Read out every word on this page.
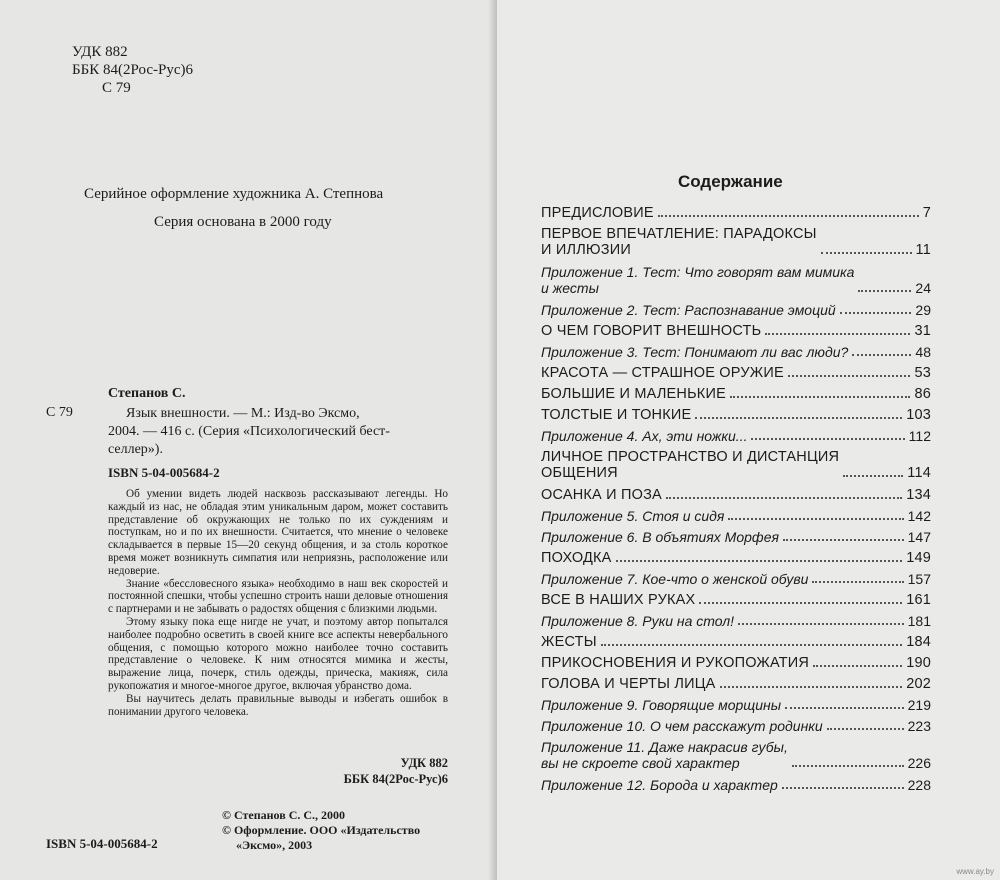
УДК 882
ББК 84(2Рос-Рус)6
С 79
Серийное оформление художника А. Степнова
Серия основана в 2000 году
Степанов С.
С 79	Язык внешности. — М.: Изд-во Эксмо,
2004. — 416 с. (Серия «Психологический бест-
селлер»).
ISBN 5-04-005684-2

Об умении видеть людей насквозь рассказывают легенды. Но каждый из нас, не обладая этим уникальным даром, может составить представление об окружающих не только по их суждениям и поступкам, но и по их внешности. Считается, что мнение о человеке складывается в первые 15—20 секунд общения, и за столь короткое время может возникнуть симпатия или неприязнь, расположение или недоверие.

Знание «бессловесного языка» необходимо в наш век скоростей и постоянной спешки, чтобы успешно строить наши деловые отношения с партнерами и не забывать о радостях общения с близкими людьми.

Этому языку пока еще нигде не учат, и поэтому автор попытался наиболее подробно осветить в своей книге все аспекты невербального общения, с помощью которого можно наиболее точно составить представление о человеке. К ним относятся мимика и жесты, выражение лица, почерк, стиль одежды, прическа, макияж, сила рукопожатия и многое-многое другое, включая убранство дома.

Вы научитесь делать правильные выводы и избегать ошибок в понимании другого человека.

УДК 882
ББК 84(2Рос-Рус)6
© Степанов С. С., 2000
© Оформление. ООО «Издательство
«Эксмо», 2003
ISBN 5-04-005684-2
Содержание
ПРЕДИСЛОВИЕ	7
ПЕРВОЕ ВПЕЧАТЛЕНИЕ: ПАРАДОКСЫ
И ИЛЛЮЗИИ	11
Приложение 1. Тест: Что говорят вам мимика
и жесты	24
Приложение 2. Тест: Распознавание эмоций	29
О ЧЕМ ГОВОРИТ ВНЕШНОСТЬ	31
Приложение 3. Тест: Понимают ли вас люди?	48
КРАСОТА — СТРАШНОЕ ОРУЖИЕ	53
БОЛЬШИЕ И МАЛЕНЬКИЕ	86
ТОЛСТЫЕ И ТОНКИЕ	103
Приложение 4. Ах, эти ножки...	112
ЛИЧНОЕ ПРОСТРАНСТВО И ДИСТАНЦИЯ
ОБЩЕНИЯ	114
ОСАНКА И ПОЗА	134
Приложение 5. Стоя и сидя	142
Приложение 6. В объятиях Морфея	147
ПОХОДКА	149
Приложение 7. Кое-что о женской обуви	157
ВСЕ В НАШИХ РУКАХ	161
Приложение 8. Руки на стол!	181
ЖЕСТЫ	184
ПРИКОСНОВЕНИЯ И РУКОПОЖАТИЯ	190
ГОЛОВА И ЧЕРТЫ ЛИЦА	202
Приложение 9. Говорящие морщины	219
Приложение 10. О чем расскажут родинки	223
Приложение 11. Даже накрасив губы,
вы не скроете свой характер	226
Приложение 12. Борода и характер	228
www.ay.by
